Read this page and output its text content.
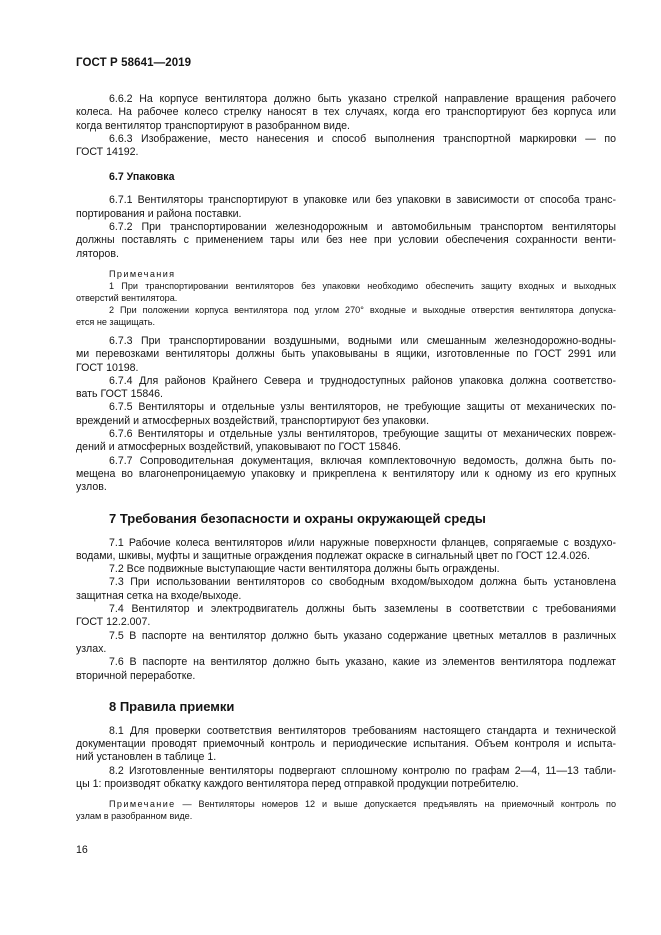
ГОСТ Р 58641—2019

6.6.2 На корпусе вентилятора должно быть указано стрелкой направление вращения рабочего

колеса. На рабочее колесо стрелку наносят в тех случаях, когда его транспортируют без корпуса или

когда вентилятор транспортируют в разобранном виде.

6.6.3 Изображение, место нанесения и способ выполнения транспортной маркировки — по

ГОСТ 14192.

6.7 Упаковка

6.7.1 Вентиляторы транспортируют в упаковке или без упаковки в зависимости от способа транс-

портирования и района поставки.

6.7.2 При транспортировании железнодорожным и автомобильным транспортом вентиляторы

должны поставлять с применением тары или без нее при условии обеспечения сохранности венти-

ляторов.

Примечания

1 При транспортировании вентиляторов без упаковки необходимо обеспечить защиту входных и выходных

отверстий вентилятора.

2 При положении корпуса вентилятора под углом 270° входные и выходные отверстия вентилятора допуска-

ется не защищать.

6.7.3 При транспортировании воздушными, водными или смешанным железнодорожно-водны-

ми перевозками вентиляторы должны быть упаковываны в ящики, изготовленные по ГОСТ 2991 или

ГОСТ 10198.

6.7.4 Для районов Крайнего Севера и труднодоступных районов упаковка должна соответство-

вать ГОСТ 15846.

6.7.5 Вентиляторы и отдельные узлы вентиляторов, не требующие защиты от механических по-

вреждений и атмосферных воздействий, транспортируют без упаковки.

6.7.6 Вентиляторы и отдельные узлы вентиляторов, требующие защиты от механических повреж-

дений и атмосферных воздействий, упаковывают по ГОСТ 15846.

6.7.7 Сопроводительная документация, включая комплектовочную ведомость, должна быть по-

мещена во влагонепроницаемую упаковку и прикреплена к вентилятору или к одному из его крупных

узлов.

7 Требования безопасности и охраны окружающей среды

7.1 Рабочие колеса вентиляторов и/или наружные поверхности фланцев, сопрягаемые с воздухо-

водами, шкивы, муфты и защитные ограждения подлежат окраске в сигнальный цвет по ГОСТ 12.4.026.

7.2 Все подвижные выступающие части вентилятора должны быть ограждены.

7.3 При использовании вентиляторов со свободным входом/выходом должна быть установлена

защитная сетка на входе/выходе.

7.4 Вентилятор и электродвигатель должны быть заземлены в соответствии с требованиями

ГОСТ 12.2.007.

7.5 В паспорте на вентилятор должно быть указано содержание цветных металлов в различных

узлах.

7.6 В паспорте на вентилятор должно быть указано, какие из элементов вентилятора подлежат

вторичной переработке.

8 Правила приемки

8.1 Для проверки соответствия вентиляторов требованиям настоящего стандарта и технической

документации проводят приемочный контроль и периодические испытания. Объем контроля и испыта-

ний установлен в таблице 1.

8.2 Изготовленные вентиляторы подвергают сплошному контролю по графам 2—4, 11—13 табли-

цы 1: производят обкатку каждого вентилятора перед отправкой продукции потребителю.

Примечание — Вентиляторы номеров 12 и выше допускается предъявлять на приемочный контроль по

узлам в разобранном виде.

16
